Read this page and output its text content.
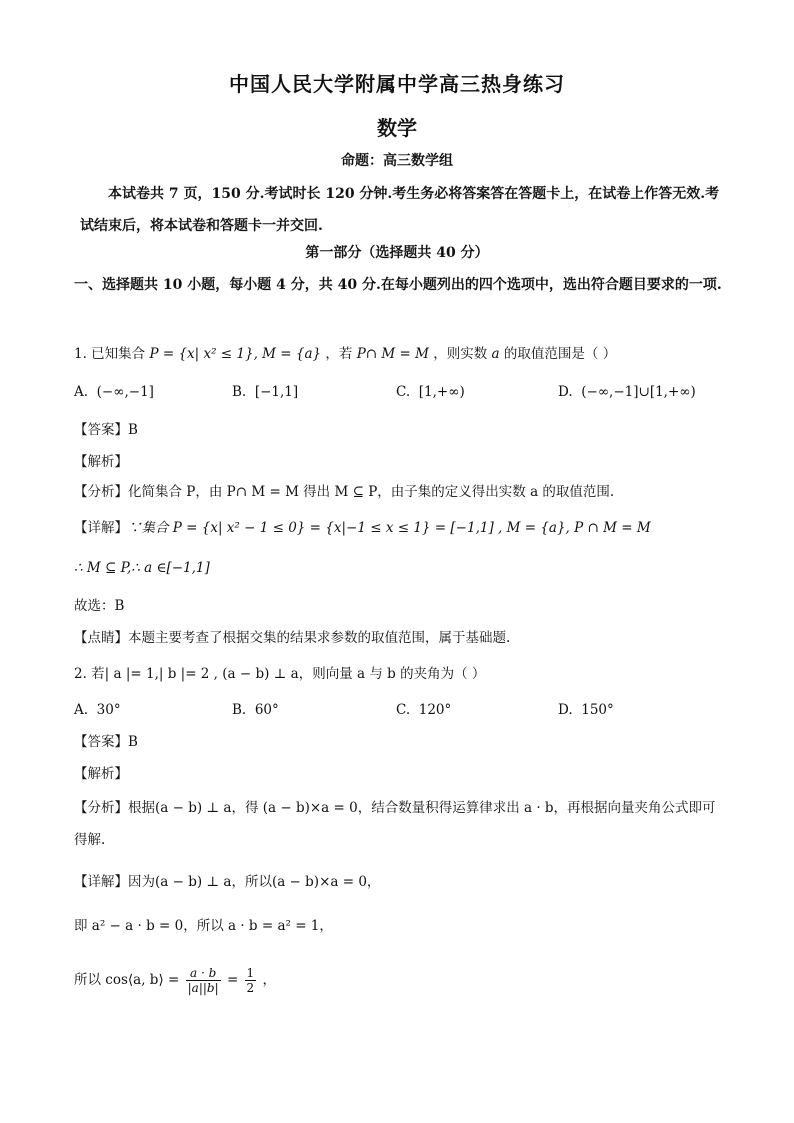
中国人民大学附属中学高三热身练习
数学
命题：高三数学组
本试卷共 7 页，150 分.考试时长 120 分钟.考生务必将答案答在答题卡上，在试卷上作答无效.考试结束后，将本试卷和答题卡一并交回.
第一部分（选择题共 40 分）
一、选择题共 10 小题，每小题 4 分，共 40 分.在每小题列出的四个选项中，选出符合题目要求的一项.
1. 已知集合 P = {x| x² ≤ 1}, M = {a} ，若 P∩ M = M ，则实数 a 的取值范围是（ ）
A. (−∞,−1]	B. [−1,1]	C. [1,+∞)	D. (−∞,−1]∪[1,+∞)
【答案】B
【解析】
【分析】化简集合 P，由 P∩ M = M 得出 M ⊆ P，由子集的定义得出实数 a 的取值范围.
【详解】∵集合 P = {x| x² − 1 ≤ 0} = {x|−1 ≤ x ≤ 1} = [−1,1] , M = {a}, P ∩ M = M
∴ M ⊆ P,∴ a ∈[−1,1]
故选：B
【点睛】本题主要考查了根据交集的结果求参数的取值范围，属于基础题.
2. 若| a |= 1,| b |= 2 , (a − b) ⊥ a，则向量 a 与 b 的夹角为（ ）
A. 30°	B. 60°	C. 120°	D. 150°
【答案】B
【解析】
【分析】根据(a − b) ⊥ a，得 (a − b)×a = 0，结合数量积得运算律求出 a · b，再根据向量夹角公式即可得解.
【详解】因为(a − b) ⊥ a，所以(a − b)×a = 0，
即 a² − a · b = 0，所以 a · b = a² = 1，
所以 cos⟨a, b⟩ = $\frac{a \cdot b}{|a||b|} = \frac{1}{2}$ ，
